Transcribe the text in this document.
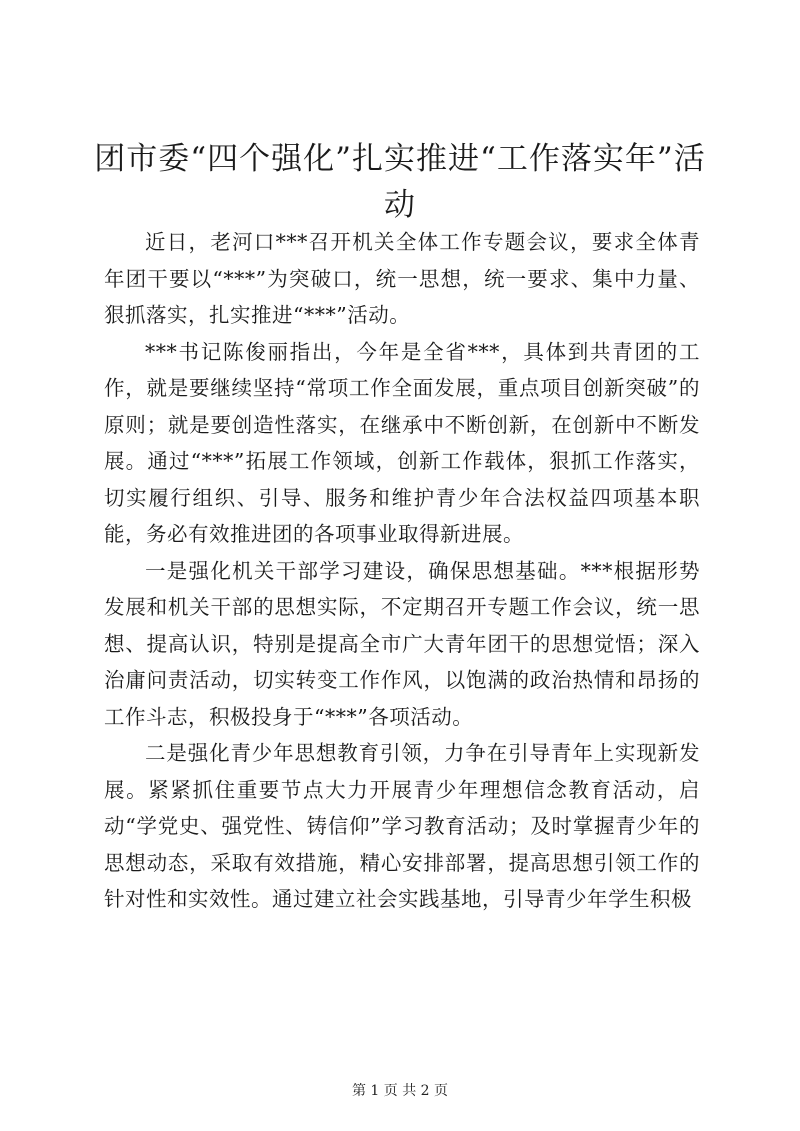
团市委“四个强化”扎实推进“工作落实年”活动

近日，老河口***召开机关全体工作专题会议，要求全体青年团干要以“***”为突破口，统一思想，统一要求、集中力量、狠抓落实，扎实推进“***”活动。

***书记陈俊丽指出，今年是全省***，具体到共青团的工作，就是要继续坚持“常项工作全面发展，重点项目创新突破”的原则；就是要创造性落实，在继承中不断创新，在创新中不断发展。通过“***”拓展工作领域，创新工作载体，狠抓工作落实，切实履行组织、引导、服务和维护青少年合法权益四项基本职能，务必有效推进团的各项事业取得新进展。

一是强化机关干部学习建设，确保思想基础。***根据形势发展和机关干部的思想实际，不定期召开专题工作会议，统一思想、提高认识，特别是提高全市广大青年团干的思想觉悟；深入治庸问责活动，切实转变工作作风，以饱满的政治热情和昂扬的工作斗志，积极投身于“***”各项活动。

二是强化青少年思想教育引领，力争在引导青年上实现新发展。紧紧抓住重要节点大力开展青少年理想信念教育活动，启动“学党史、强党性、铸信仰”学习教育活动；及时掌握青少年的思想动态，采取有效措施，精心安排部署，提高思想引领工作的针对性和实效性。通过建立社会实践基地，引导青少年学生积极

第 1 页 共 2 页
